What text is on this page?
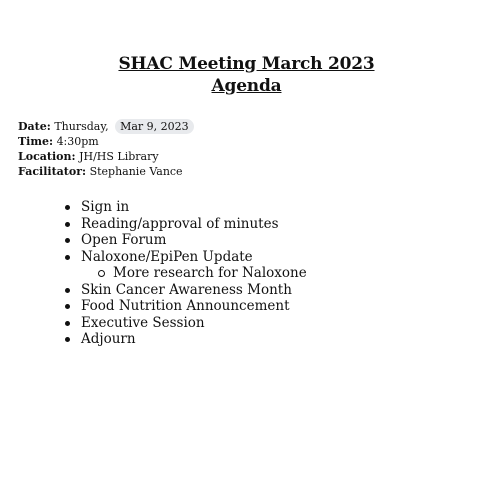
SHAC Meeting March 2023
Agenda
Date: Thursday, Mar 9, 2023
Time: 4:30pm
Location: JH/HS Library
Facilitator: Stephanie Vance
Sign in
Reading/approval of minutes
Open Forum
Naloxone/EpiPen Update
More research for Naloxone
Skin Cancer Awareness Month
Food Nutrition Announcement
Executive Session
Adjourn
